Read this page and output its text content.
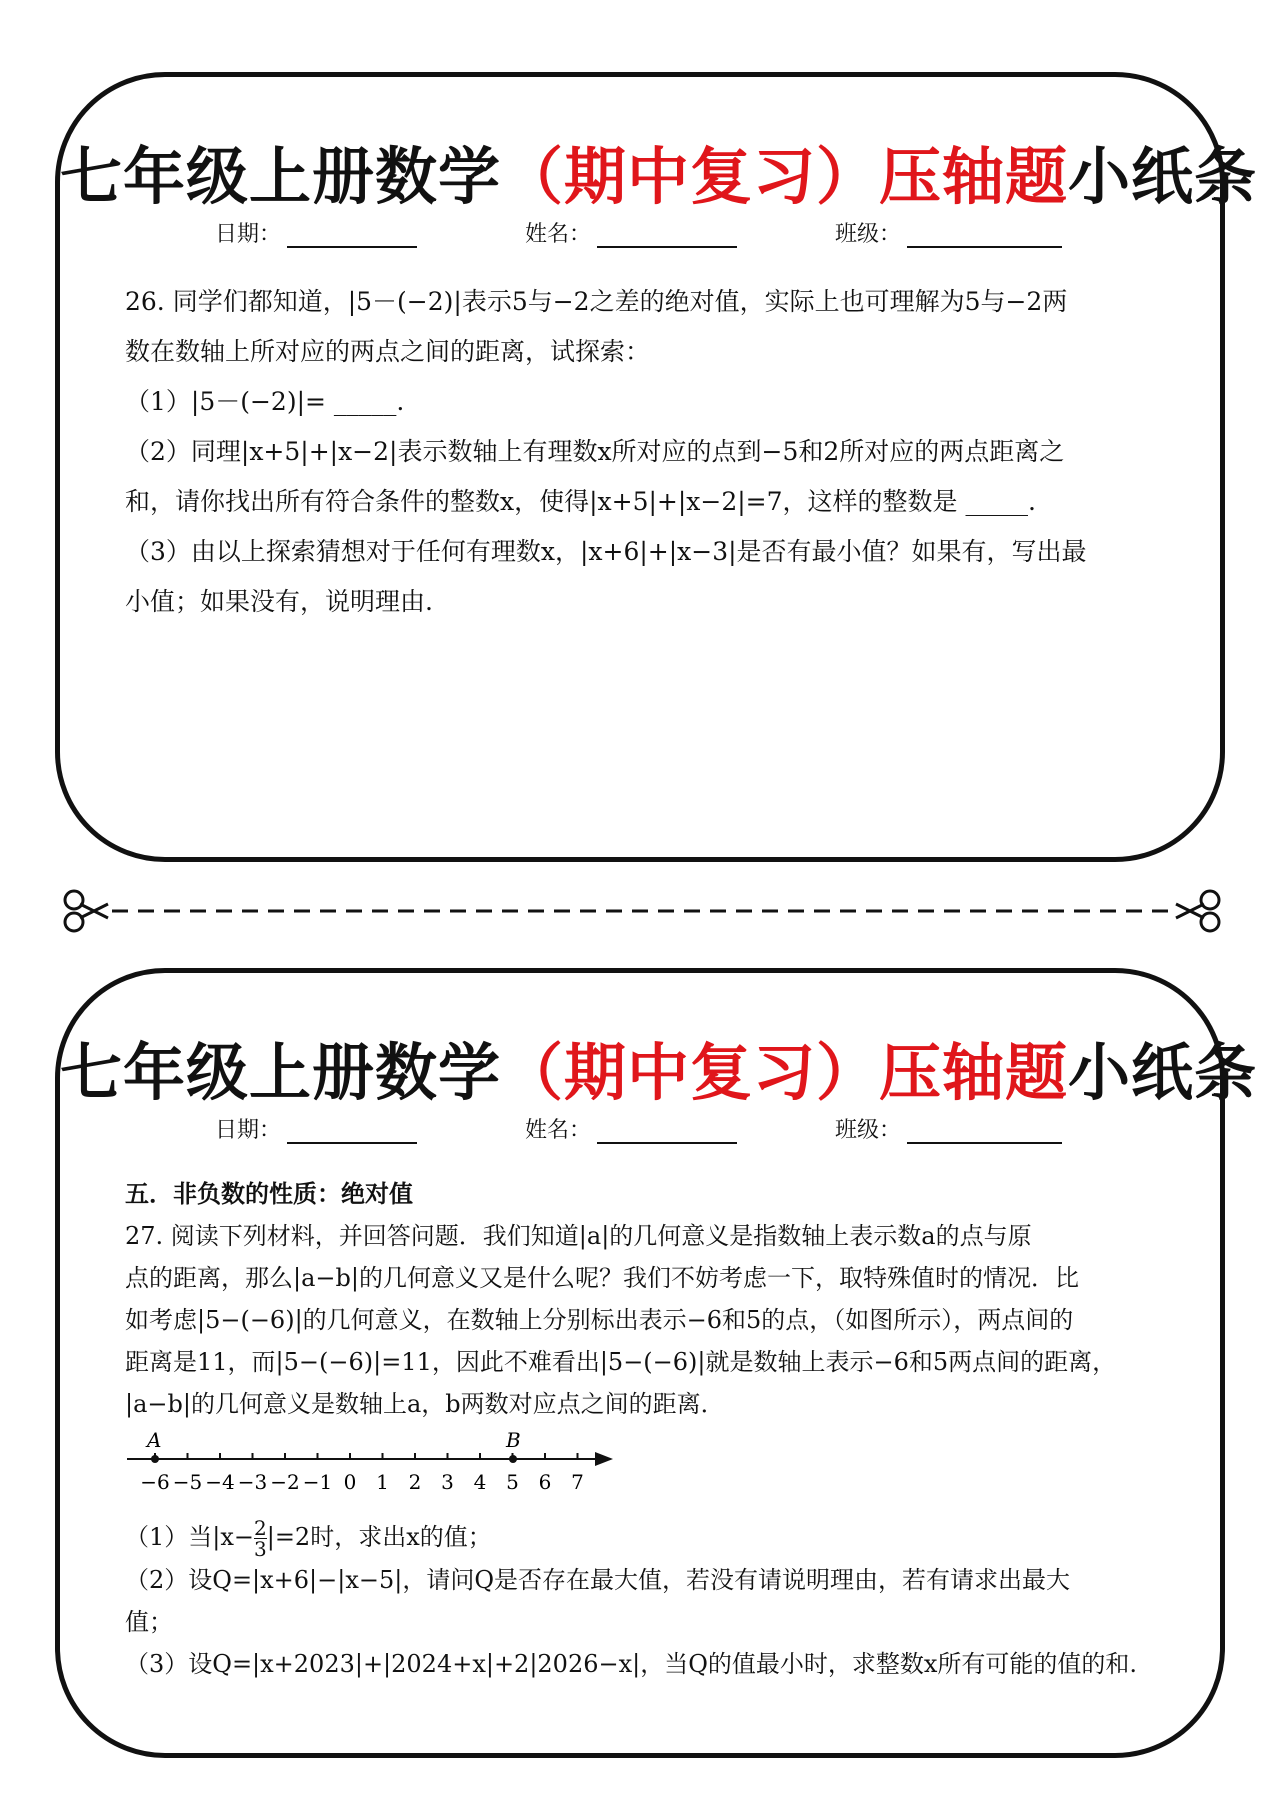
七年级上册数学（期中复习）压轴题小纸条
日期：	姓名：	班级：

26. 同学们都知道，|5－(−2)|表示5与−2之差的绝对值，实际上也可理解为5与−2两

数在数轴上所对应的两点之间的距离，试探索：

（1）|5－(−2)|= _____.

（2）同理|x+5|+|x−2|表示数轴上有理数x所对应的点到−5和2所对应的两点距离之

和，请你找出所有符合条件的整数x，使得|x+5|+|x−2|=7，这样的整数是 _____.

（3）由以上探索猜想对于任何有理数x，|x+6|+|x−3|是否有最小值？如果有，写出最

小值；如果没有，说明理由.

七年级上册数学（期中复习）压轴题小纸条
日期：	姓名：	班级：

五．非负数的性质：绝对值

27. 阅读下列材料，并回答问题．我们知道|a|的几何意义是指数轴上表示数a的点与原

点的距离，那么|a−b|的几何意义又是什么呢？我们不妨考虑一下，取特殊值时的情况．比

如考虑|5−(−6)|的几何意义，在数轴上分别标出表示−6和5的点，（如图所示），两点间的

距离是11，而|5−(−6)|=11，因此不难看出|5−(−6)|就是数轴上表示−6和5两点间的距离，

|a−b|的几何意义是数轴上a，b两数对应点之间的距离．

−6 −5 −4 −3 −2 −1 0 1 2 3 4 5 6 7
A	B

（1）当$|x- \frac{2}{3} |=2$时，求出x的值；

（2）设Q=|x+6|−|x−5|，请问Q是否存在最大值，若没有请说明理由，若有请求出最大

值；

（3）设Q=|x+2023|+|2024+x|+2|2026−x|，当Q的值最小时，求整数x所有可能的值的和.
